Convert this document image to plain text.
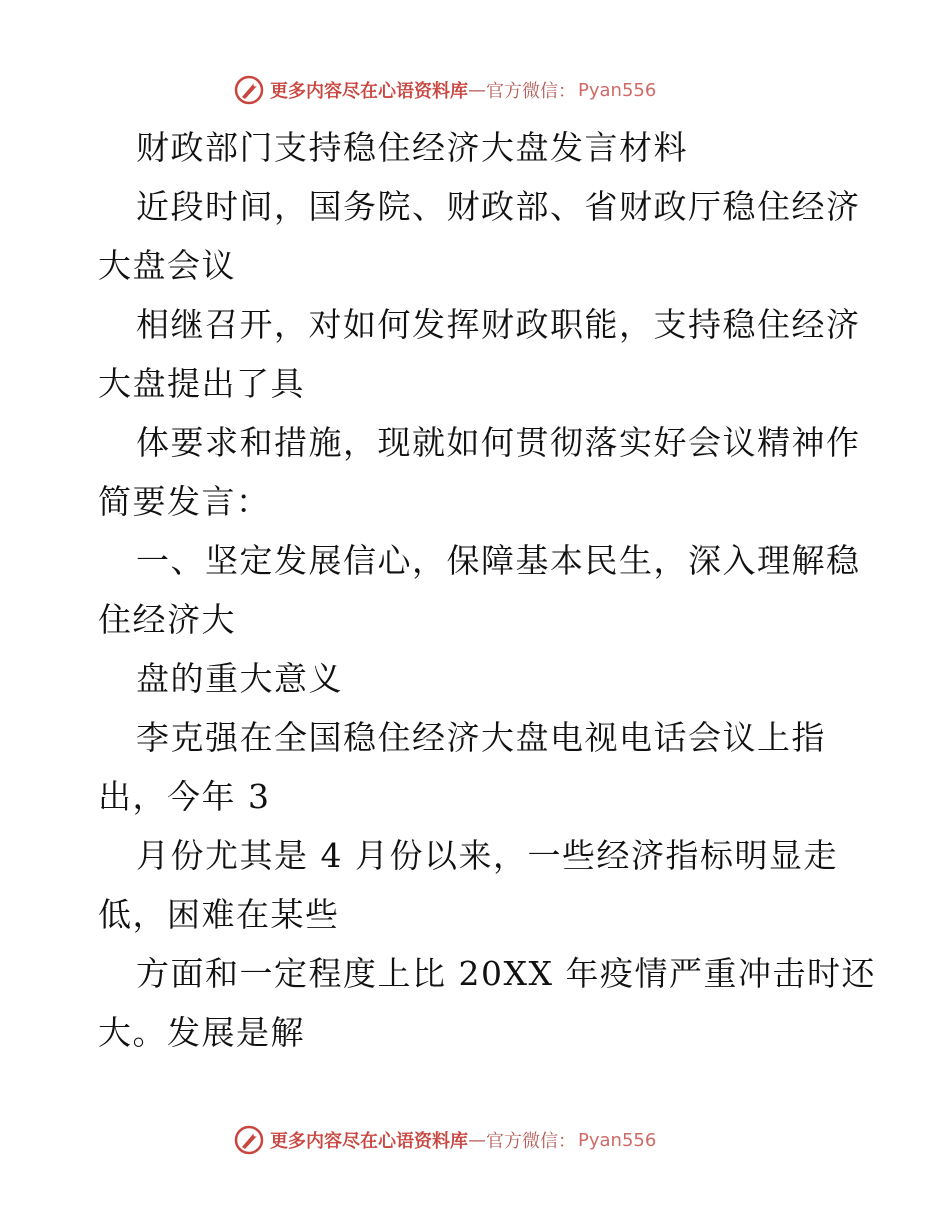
更多内容尽在心语资料库 — 官方微信： Pyan556
财政部门支持稳住经济大盘发言材料
近段时间，国务院、财政部、省财政厅稳住经济
大盘会议
相继召开，对如何发挥财政职能，支持稳住经济
大盘提出了具
体要求和措施，现就如何贯彻落实好会议精神作
简要发言：
一、坚定发展信心，保障基本民生，深入理解稳
住经济大
盘的重大意义
李克强在全国稳住经济大盘电视电话会议上指
出，今年 3
月份尤其是 4 月份以来，一些经济指标明显走
低，困难在某些
方面和一定程度上比 20XX 年疫情严重冲击时还
大。发展是解
更多内容尽在心语资料库 — 官方微信： Pyan556
